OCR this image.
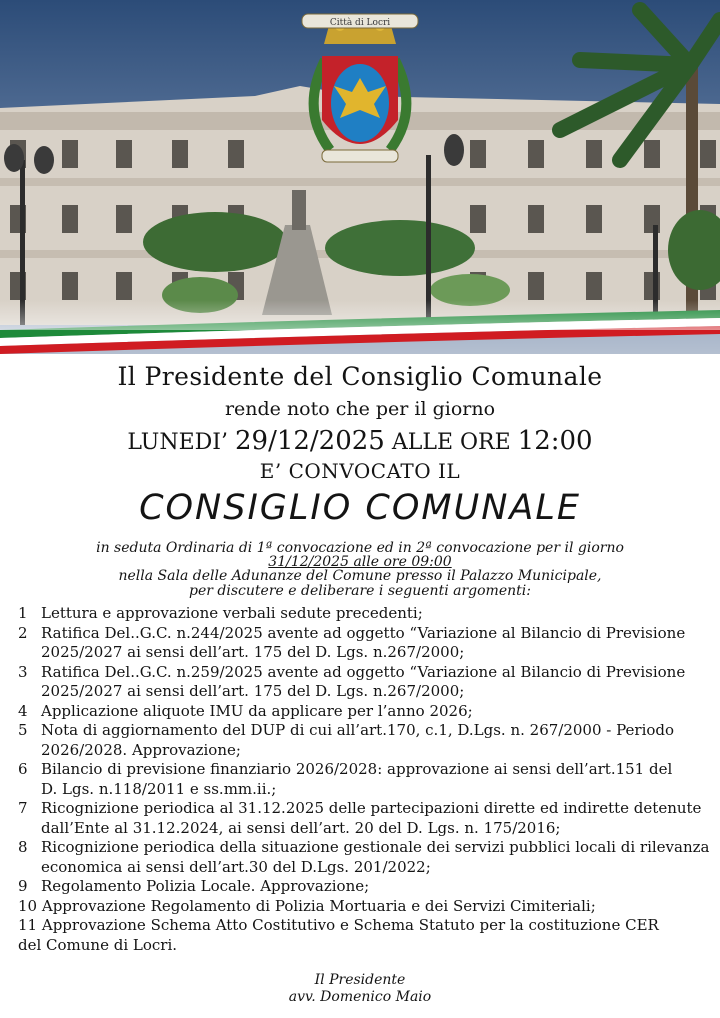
Città di Locri
Il Presidente del Consiglio Comunale
rende noto che per il giorno
LUNEDI’ 29/12/2025 ALLE ORE 12:00
E’ CONVOCATO IL
CONSIGLIO COMUNALE
in seduta Ordinaria di 1ª convocazione ed in 2ª convocazione per il giorno
31/12/2025 alle ore 09:00
nella Sala delle Adunanze del Comune presso il Palazzo Municipale,
per discutere e deliberare i seguenti argomenti:
1 Lettura e approvazione verbali sedute precedenti;
2 Ratifica Del..G.C. n.244/2025 avente ad oggetto “Variazione al Bilancio di Previsione
2025/2027 ai sensi dell’art. 175 del D. Lgs. n.267/2000;
3 Ratifica Del..G.C. n.259/2025 avente ad oggetto “Variazione al Bilancio di Previsione
2025/2027 ai sensi dell’art. 175 del D. Lgs. n.267/2000;
4 Applicazione aliquote IMU da applicare per l’anno 2026;
5 Nota di aggiornamento del DUP di cui all’art.170, c.1, D.Lgs. n. 267/2000 - Periodo
2026/2028. Approvazione;
6 Bilancio di previsione finanziario 2026/2028: approvazione ai sensi dell’art.151 del
D. Lgs. n.118/2011 e ss.mm.ii.;
7 Ricognizione periodica al 31.12.2025 delle partecipazioni dirette ed indirette detenute
dall’Ente al 31.12.2024, ai sensi dell’art. 20 del D. Lgs. n. 175/2016;
8 Ricognizione periodica della situazione gestionale dei servizi pubblici locali di rilevanza
economica ai sensi dell’art.30 del D.Lgs. 201/2022;
9 Regolamento Polizia Locale. Approvazione;
10 Approvazione Regolamento di Polizia Mortuaria e dei Servizi Cimiteriali;
11 Approvazione Schema Atto Costitutivo e Schema Statuto per la costituzione CER
del Comune di Locri.
Il Presidente
avv. Domenico Maio
